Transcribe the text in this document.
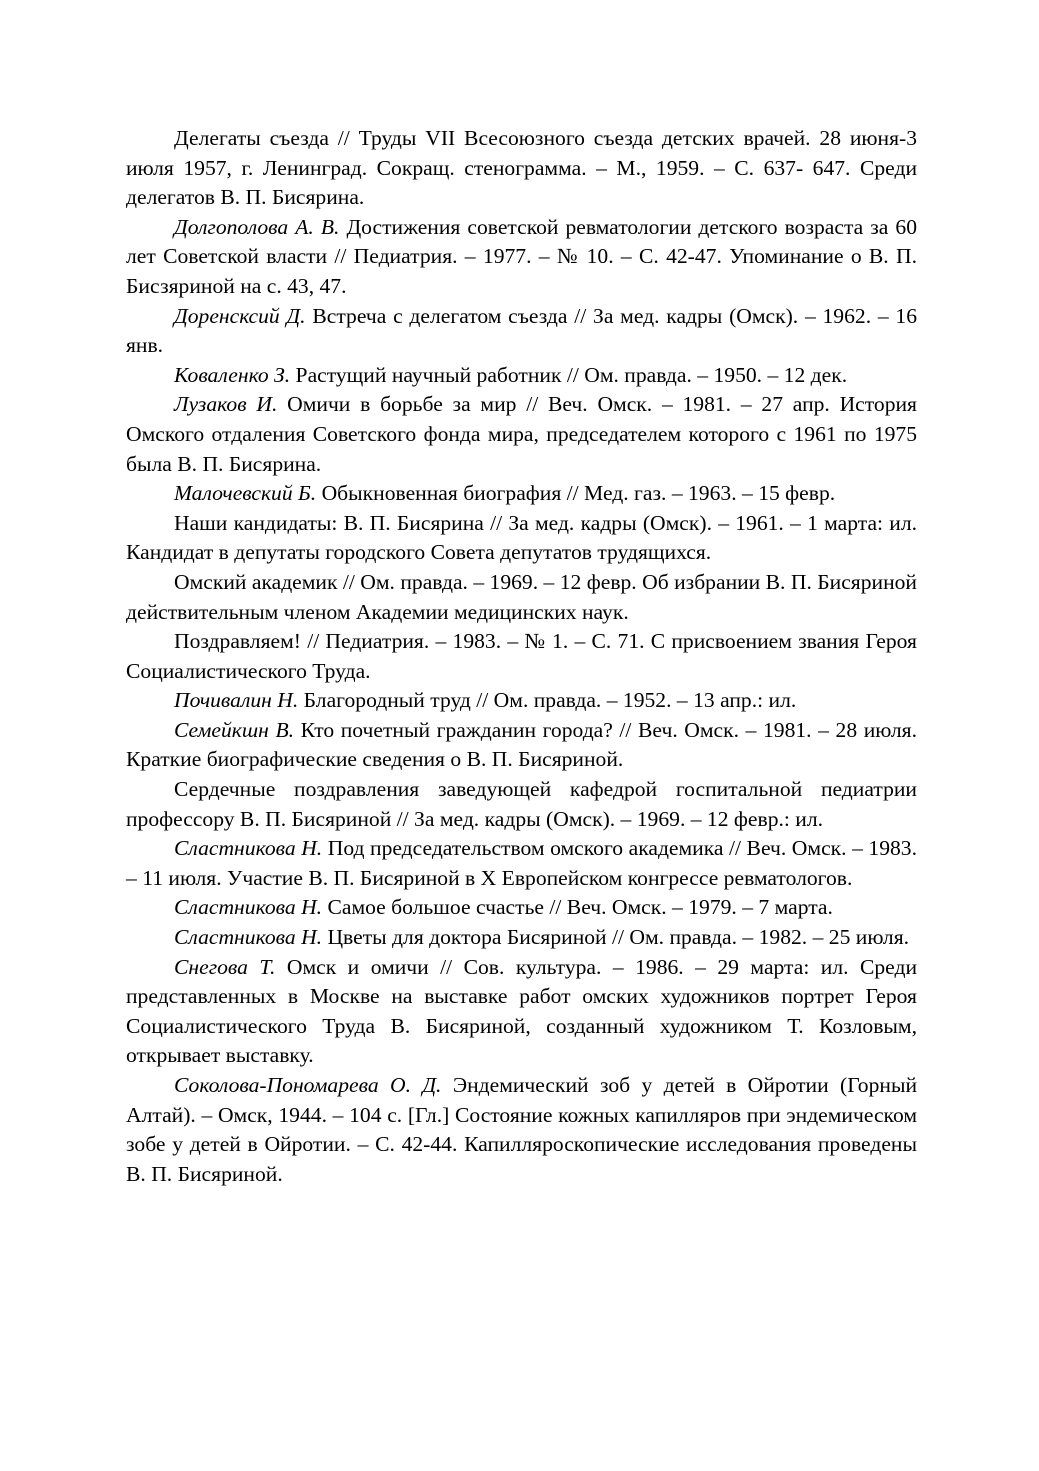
Делегаты съезда // Труды VII Всесоюзного съезда детских врачей. 28 июня-3 июля 1957, г. Ленинград. Сокращ. стенограмма. – М., 1959. – С. 637- 647. Среди делегатов В. П. Бисярина.

Долгополова А. В. Достижения советской ревматологии детского возраста за 60 лет Советской власти // Педиатрия. – 1977. – № 10. – С. 42-47. Упоминание о В. П. Бисзяриной на с. 43, 47.

Доренсксий Д. Встреча с делегатом съезда // За мед. кадры (Омск). – 1962. – 16 янв.

Коваленко З. Растущий научный работник // Ом. правда. – 1950. – 12 дек.

Лузаков И. Омичи в борьбе за мир // Веч. Омск. – 1981. – 27 апр. История Омского отдаления Советского фонда мира, председателем которого с 1961 по 1975 была В. П. Бисярина.

Малочевский Б. Обыкновенная биография // Мед. газ. – 1963. – 15 февр.

Наши кандидаты: В. П. Бисярина // За мед. кадры (Омск). – 1961. – 1 марта: ил. Кандидат в депутаты городского Совета депутатов трудящихся.

Омский академик // Ом. правда. – 1969. – 12 февр. Об избрании В. П. Бисяриной действительным членом Академии медицинских наук.

Поздравляем! // Педиатрия. – 1983. – № 1. – С. 71. С присвоением звания Героя Социалистического Труда.

Почивалин Н. Благородный труд // Ом. правда. – 1952. – 13 апр.: ил.

Семейкшн В. Кто почетный гражданин города? // Веч. Омск. – 1981. – 28 июля. Краткие биографические сведения о В. П. Бисяриной.

Сердечные поздравления заведующей кафедрой госпитальной педиатрии профессору В. П. Бисяриной // За мед. кадры (Омск). – 1969. – 12 февр.: ил.

Сластникова Н. Под председательством омского академика // Веч. Омск. – 1983. – 11 июля. Участие В. П. Бисяриной в X Европейском конгрессе ревматологов.

Сластникова Н. Самое большое счастье // Веч. Омск. – 1979. – 7 марта.

Сластникова Н. Цветы для доктора Бисяриной // Ом. правда. – 1982. – 25 июля.

Снегова Т. Омск и омичи // Сов. культура. – 1986. – 29 марта: ил. Среди представленных в Москве на выставке работ омских художников портрет Героя Социалистического Труда В. Бисяриной, созданный художником Т. Козловым, открывает выставку.

Соколова-Пономарева О. Д. Эндемический зоб у детей в Ойротии (Горный Алтай). – Омск, 1944. – 104 с. [Гл.] Состояние кожных капилляров при эндемическом зобе у детей в Ойротии. – С. 42-44. Капилляроскопические исследования проведены В. П. Бисяриной.
